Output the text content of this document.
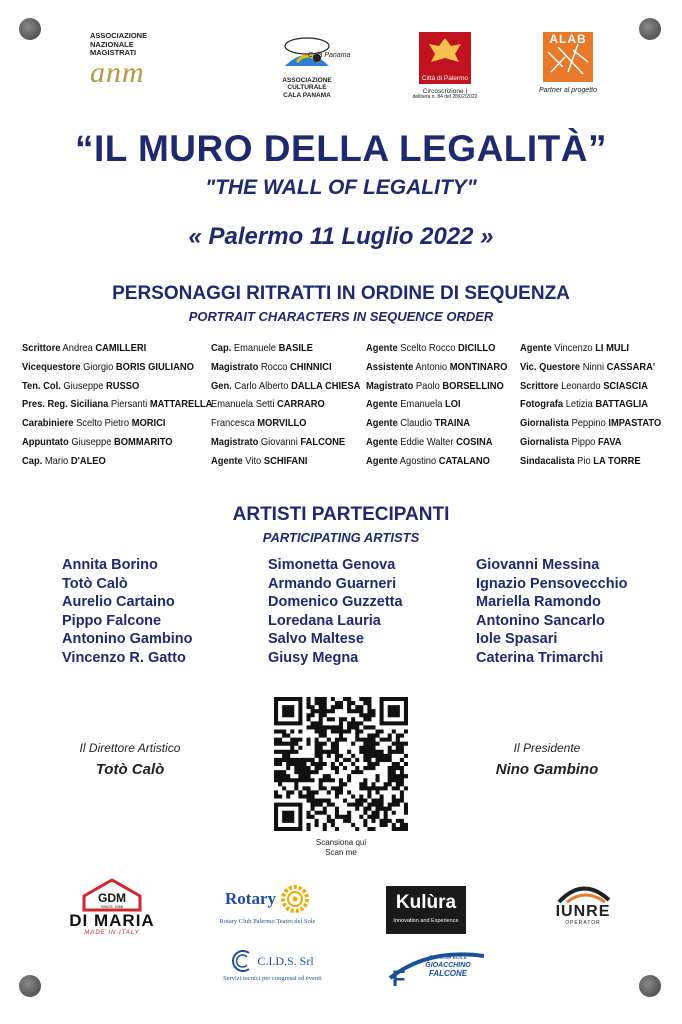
ASSOCIAZIONE
NAZIONALE
MAGISTRATI
anm
Cala Panama
ASSOCIAZIONE CULTURALE
CALA PANAMA
Città di Palermo
Circoscrizione I
delibera n. 84 del 28/02/2022
ALAB
Partner al progetto
“IL MURO DELLA LEGALITÀ”
"THE WALL OF LEGALITY"
« Palermo 11 Luglio 2022 »
PERSONAGGI RITRATTI IN ORDINE DI SEQUENZA
PORTRAIT CHARACTERS IN SEQUENCE ORDER
Scrittore Andrea CAMILLERI
Vicequestore Giorgio BORIS GIULIANO
Ten. Col. Giuseppe RUSSO
Pres. Reg. Siciliana Piersanti MATTARELLA
Carabiniere Scelto Pietro MORICI
Appuntato Giuseppe BOMMARITO
Cap. Mario D'ALEO
Cap. Emanuele BASILE
Magistrato Rocco CHINNICI
Gen. Carlo Alberto DALLA CHIESA
Emanuela Setti CARRARO
Francesca MORVILLO
Magistrato Giovanni FALCONE
Agente Vito SCHIFANI
Agente Scelto Rocco DICILLO
Assistente Antonio MONTINARO
Magistrato Paolo BORSELLINO
Agente Emanuela LOI
Agente Claudio TRAINA
Agente Eddie Walter COSINA
Agente Agostino CATALANO
Agente Vincenzo LI MULI
Vic. Questore Ninni CASSARA'
Scrittore Leonardo SCIASCIA
Fotografa Letizia BATTAGLIA
Giornalista Peppino IMPASTATO
Giornalista Pippo FAVA
Sindacalista Pio LA TORRE
ARTISTI PARTECIPANTI
PARTICIPATING ARTISTS
Annita Borino
Totò Calò
Aurelio Cartaino
Pippo Falcone
Antonino Gambino
Vincenzo R. Gatto
Simonetta Genova
Armando Guarneri
Domenico Guzzetta
Loredana Lauria
Salvo Maltese
Giusy Megna
Giovanni Messina
Ignazio Pensovecchio
Mariella Ramondo
Antonino Sancarlo
Iole Spasari
Caterina Trimarchi
Il Direttore Artistico
Totò Calò
Il Presidente
Nino Gambino
Scansiona qui
Scan me
GDM
SINCE 1968
DI MARIA
MADE IN ITALY
Rotary
Rotary Club Palermo Teatro del Sole
Kulùra
Innovation and Experience
IUNRE
OPERATOR
C.I.D.S. Srl
Servizi tecnici per congressi ed eventi	F
IMPRESA EDILE
GIOACCHINO
FALCONE
